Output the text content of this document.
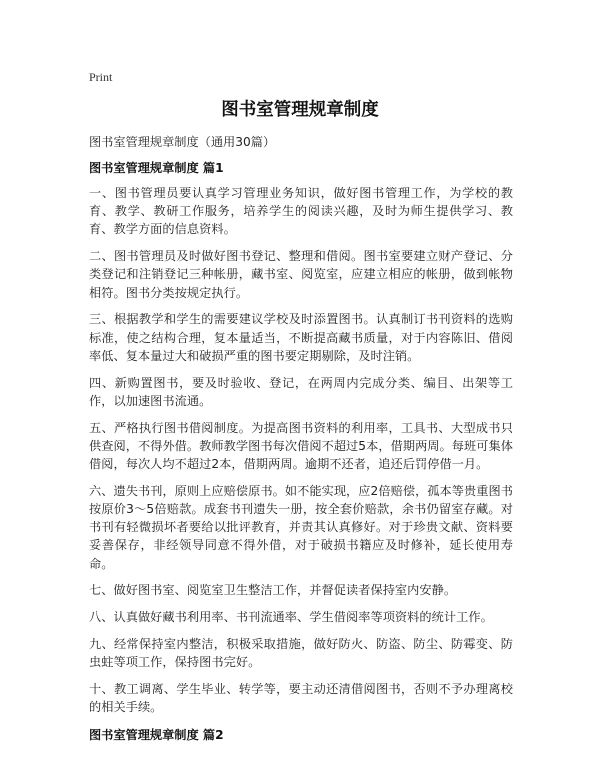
Print
图书室管理规章制度

图书室管理规章制度（通用30篇）

图书室管理规章制度 篇1

一、图书管理员要认真学习管理业务知识，做好图书管理工作，为学校的教育、教学、教研工作服务，培养学生的阅读兴趣，及时为师生提供学习、教育、教学方面的信息资料。

二、图书管理员及时做好图书登记、整理和借阅。图书室要建立财产登记、分类登记和注销登记三种帐册，藏书室、阅览室，应建立相应的帐册，做到帐物相符。图书分类按规定执行。

三、根据教学和学生的需要建议学校及时添置图书。认真制订书刊资料的选购标准，使之结构合理，复本量适当，不断提高藏书质量，对于内容陈旧、借阅率低、复本量过大和破损严重的图书要定期剔除，及时注销。

四、新购置图书，要及时验收、登记，在两周内完成分类、编目、出架等工作，以加速图书流通。

五、严格执行图书借阅制度。为提高图书资料的利用率，工具书、大型成书只供查阅，不得外借。教师教学图书每次借阅不超过5本，借期两周。每班可集体借阅，每次人均不超过2本，借期两周。逾期不还者，追还后罚停借一月。

六、遗失书刊，原则上应赔偿原书。如不能实现，应2倍赔偿，孤本等贵重图书按原价3～5倍赔款。成套书刊遗失一册，按全套价赔款，余书仍留室存藏。对书刊有轻微损坏者要给以批评教育，并责其认真修好。对于珍贵文献、资料要妥善保存，非经领导同意不得外借，对于破损书籍应及时修补，延长使用寿命。

七、做好图书室、阅览室卫生整洁工作，并督促读者保持室内安静。

八、认真做好藏书利用率、书刊流通率、学生借阅率等项资料的统计工作。

九、经常保持室内整洁，积极采取措施，做好防火、防盗、防尘、防霉变、防虫蛀等项工作，保持图书完好。

十、教工调离、学生毕业、转学等，要主动还清借阅图书，否则不予办理离校的相关手续。

图书室管理规章制度 篇2
